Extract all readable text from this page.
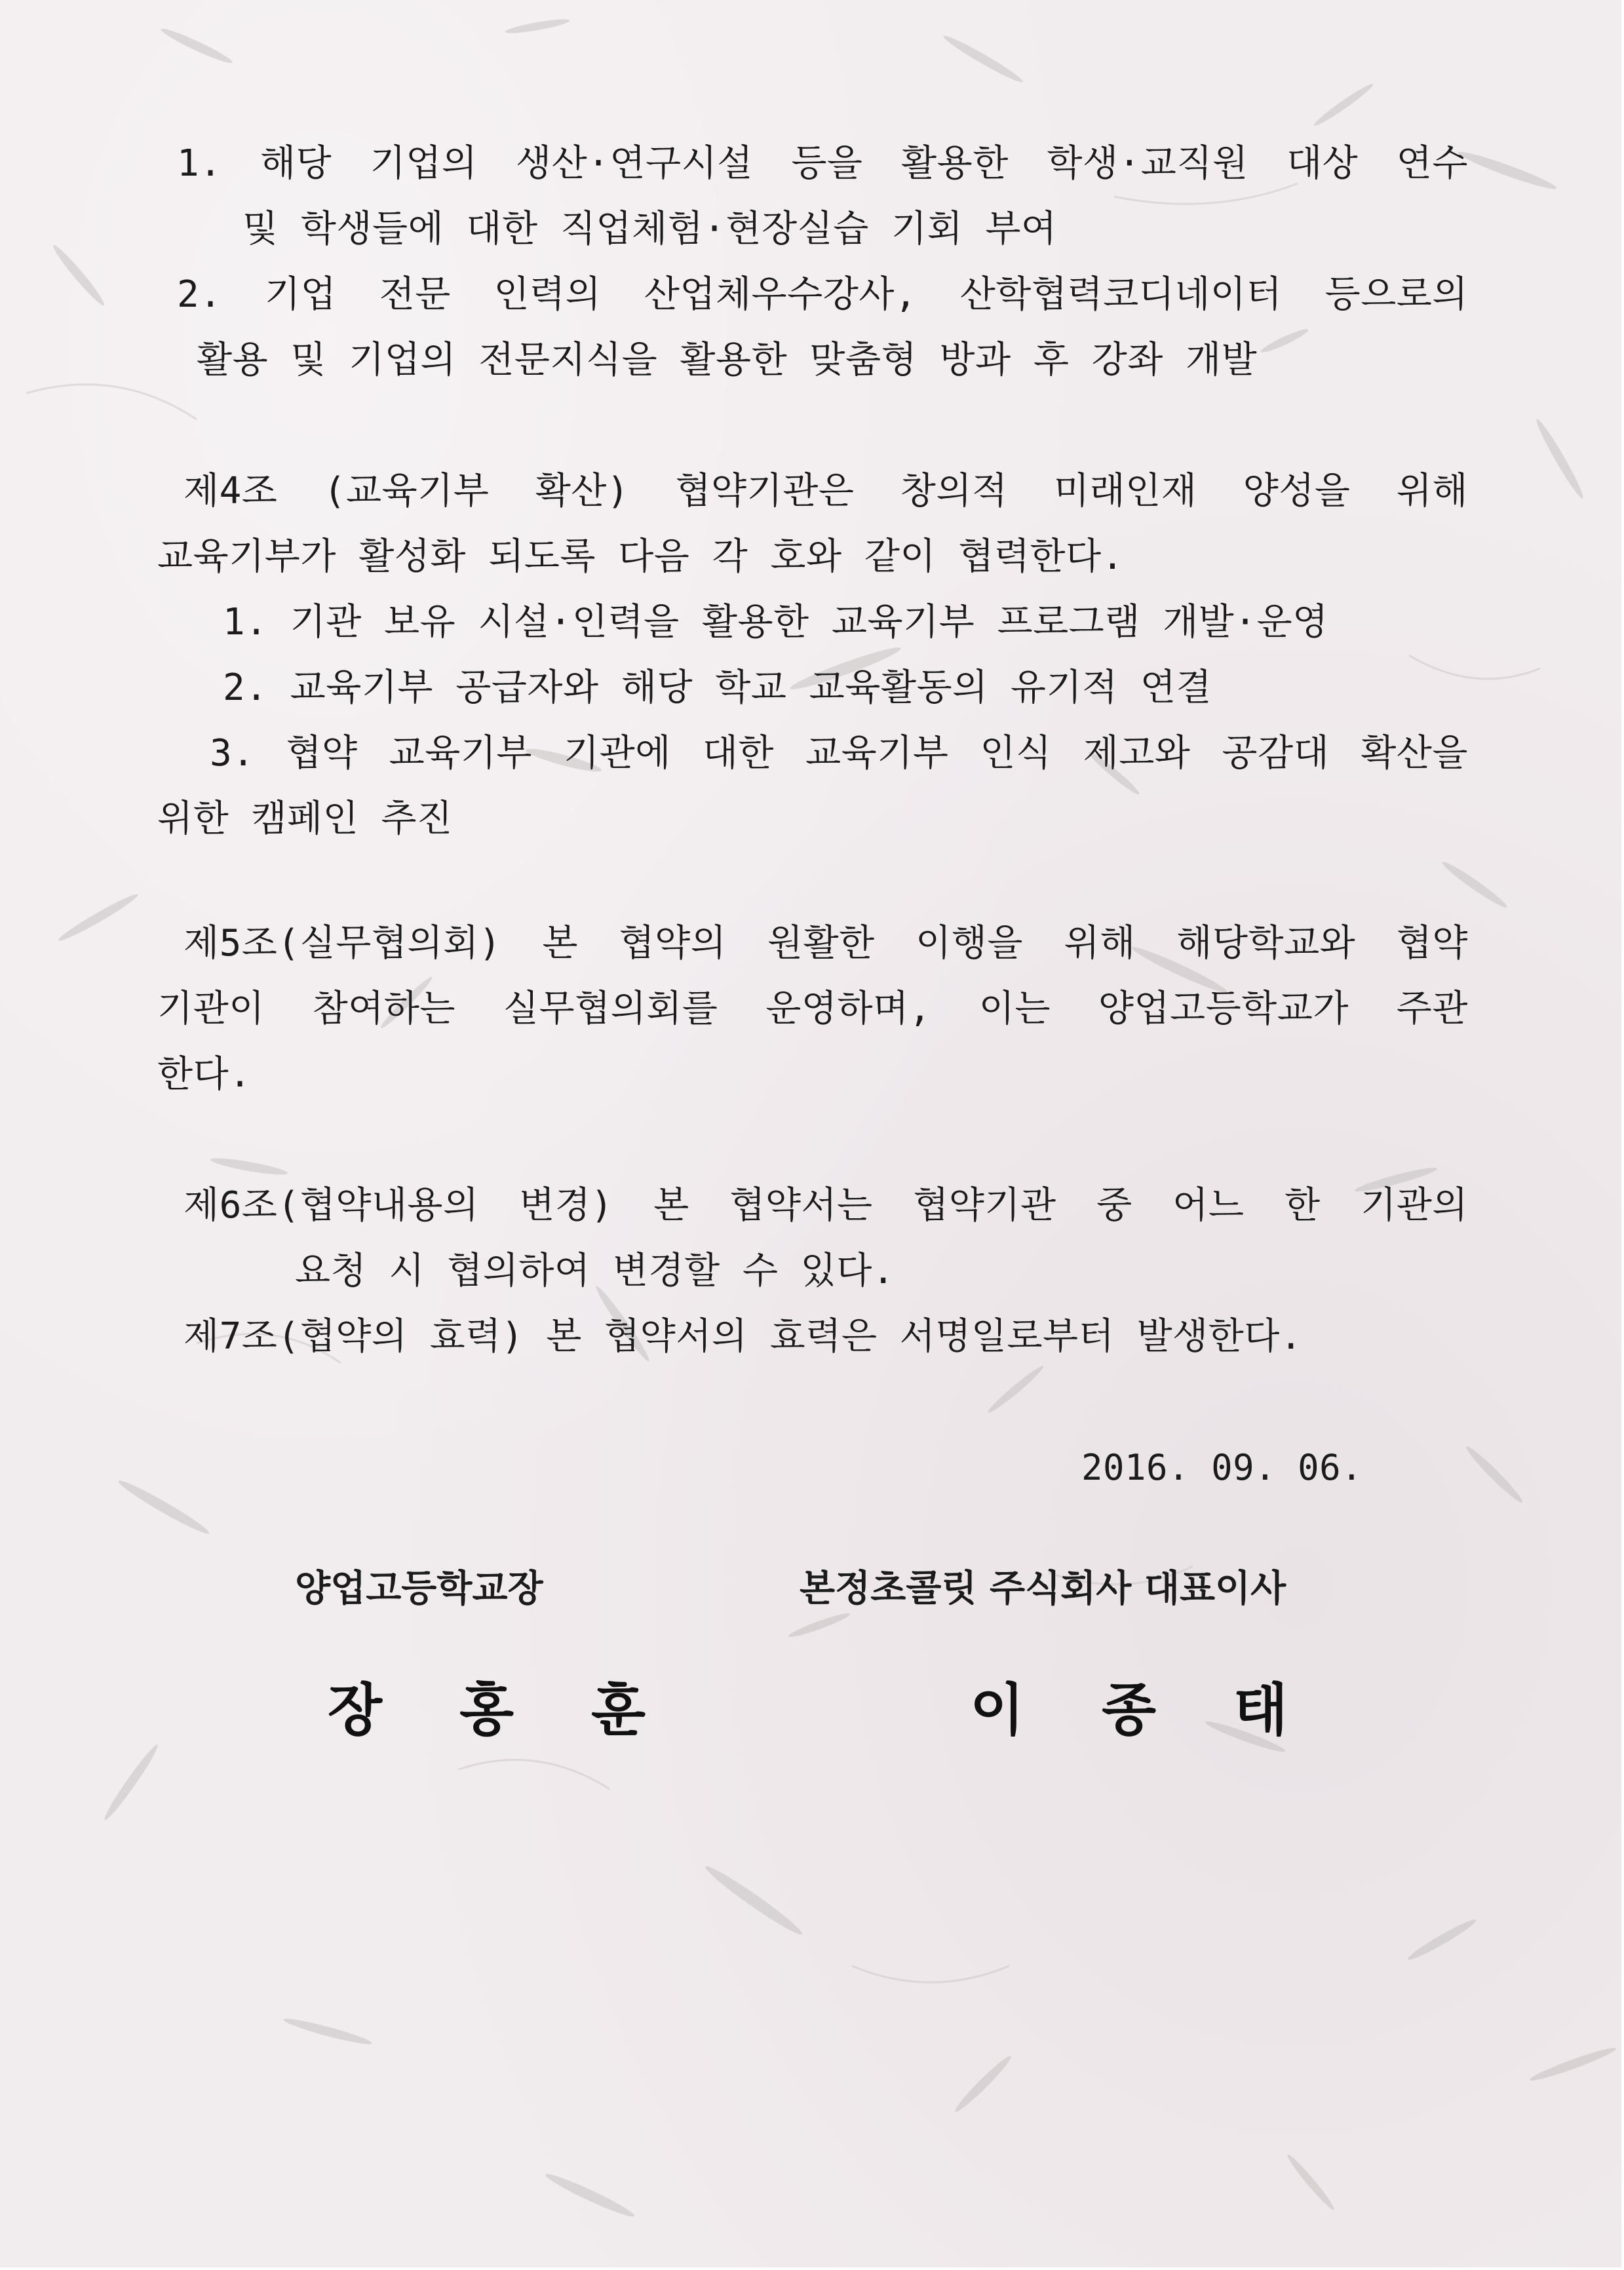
1. 해당 기업의 생산·연구시설 등을 활용한 학생·교직원 대상 연수

및 학생들에 대한 직업체험·현장실습 기회 부여

2. 기업 전문 인력의 산업체우수강사, 산학협력코디네이터 등으로의

활용 및 기업의 전문지식을 활용한 맞춤형 방과 후 강좌 개발

제4조 (교육기부 확산) 협약기관은 창의적 미래인재 양성을 위해

교육기부가 활성화 되도록 다음 각 호와 같이 협력한다.

1. 기관 보유 시설·인력을 활용한 교육기부 프로그램 개발·운영

2. 교육기부 공급자와 해당 학교 교육활동의 유기적 연결

3. 협약 교육기부 기관에 대한 교육기부 인식 제고와 공감대 확산을

위한 캠페인 추진

제5조(실무협의회) 본 협약의 원활한 이행을 위해 해당학교와 협약

기관이 참여하는 실무협의회를 운영하며, 이는 양업고등학교가 주관

한다.

제6조(협약내용의 변경) 본 협약서는 협약기관 중 어느 한 기관의

요청 시 협의하여 변경할 수 있다.

제7조(협약의 효력) 본 협약서의 효력은 서명일로부터 발생한다.

2016. 09. 06.

양업고등학교장	본정초콜릿 주식회사 대표이사

장 홍 훈	이 종 태
